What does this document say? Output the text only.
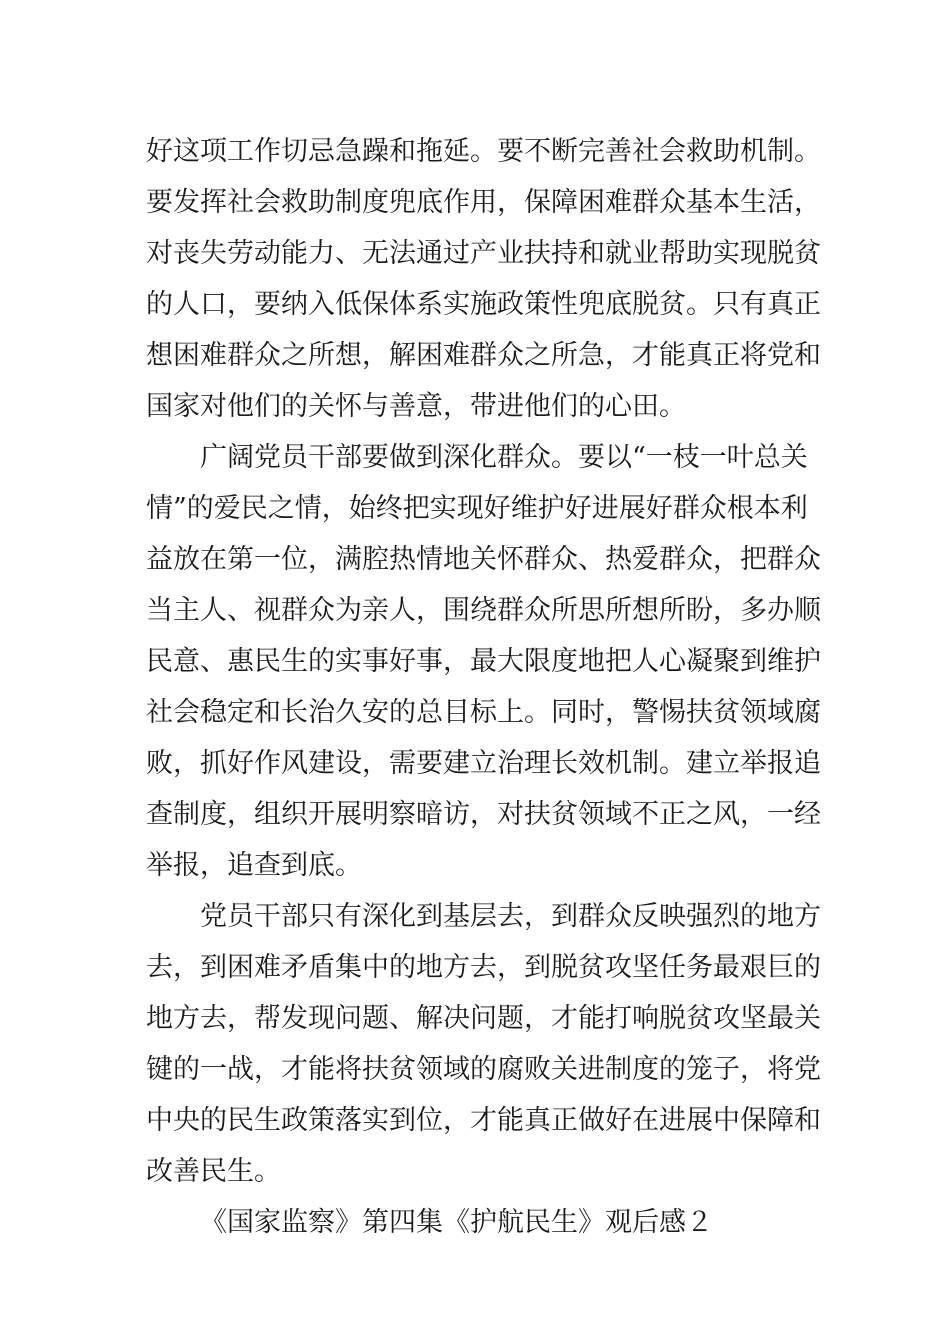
好这项工作切忌急躁和拖延。要不断完善社会救助机制。
要发挥社会救助制度兜底作用，保障困难群众基本生活，
对丧失劳动能力、无法通过产业扶持和就业帮助实现脱贫
的人口，要纳入低保体系实施政策性兜底脱贫。只有真正
想困难群众之所想，解困难群众之所急，才能真正将党和
国家对他们的关怀与善意，带进他们的心田。
广阔党员干部要做到深化群众。要以“一枝一叶总关
情”的爱民之情，始终把实现好维护好进展好群众根本利
益放在第一位，满腔热情地关怀群众、热爱群众，把群众
当主人、视群众为亲人，围绕群众所思所想所盼，多办顺
民意、惠民生的实事好事，最大限度地把人心凝聚到维护
社会稳定和长治久安的总目标上。同时，警惕扶贫领域腐
败，抓好作风建设，需要建立治理长效机制。建立举报追
查制度，组织开展明察暗访，对扶贫领域不正之风，一经
举报，追查到底。
党员干部只有深化到基层去，到群众反映强烈的地方
去，到困难矛盾集中的地方去，到脱贫攻坚任务最艰巨的
地方去，帮发现问题、解决问题，才能打响脱贫攻坚最关
键的一战，才能将扶贫领域的腐败关进制度的笼子，将党
中央的民生政策落实到位，才能真正做好在进展中保障和
改善民生。
《国家监察》第四集《护航民生》观后感２
